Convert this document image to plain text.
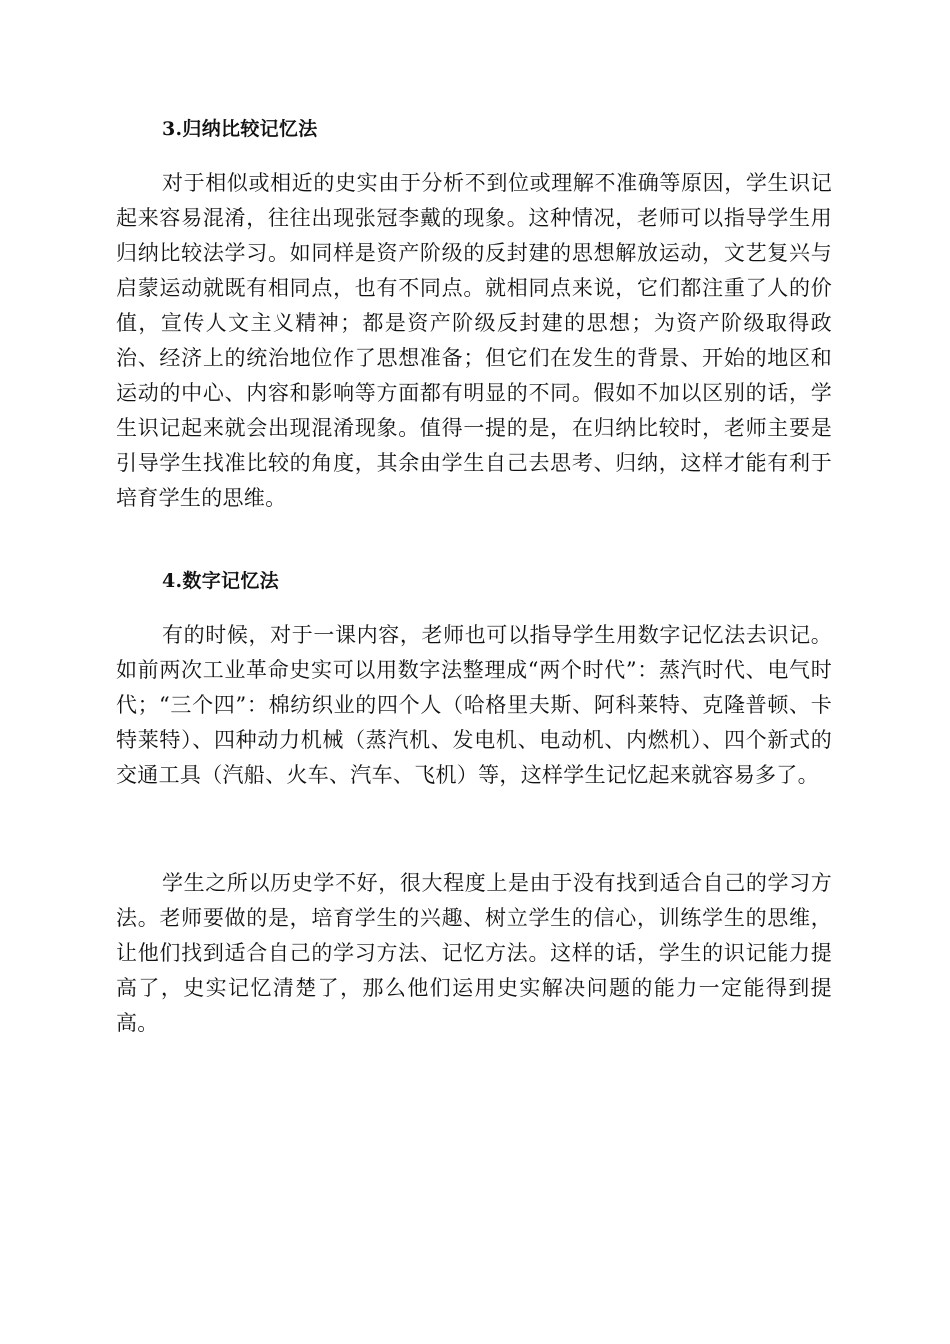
3.归纳比较记忆法

对于相似或相近的史实由于分析不到位或理解不准确等原因，学生识记起来容易混淆，往往出现张冠李戴的现象。这种情况，老师可以指导学生用归纳比较法学习。如同样是资产阶级的反封建的思想解放运动，文艺复兴与启蒙运动就既有相同点，也有不同点。就相同点来说，它们都注重了人的价值，宣传人文主义精神；都是资产阶级反封建的思想；为资产阶级取得政治、经济上的统治地位作了思想准备；但它们在发生的背景、开始的地区和运动的中心、内容和影响等方面都有明显的不同。假如不加以区别的话，学生识记起来就会出现混淆现象。值得一提的是，在归纳比较时，老师主要是引导学生找准比较的角度，其余由学生自己去思考、归纳，这样才能有利于培育学生的思维。

4.数字记忆法

有的时候，对于一课内容，老师也可以指导学生用数字记忆法去识记。如前两次工业革命史实可以用数字法整理成“两个时代”：蒸汽时代、电气时代；“三个四”：棉纺织业的四个人（哈格里夫斯、阿科莱特、克隆普顿、卡特莱特）、四种动力机械（蒸汽机、发电机、电动机、内燃机）、四个新式的交通工具（汽船、火车、汽车、飞机）等，这样学生记忆起来就容易多了。

学生之所以历史学不好，很大程度上是由于没有找到适合自己的学习方法。老师要做的是，培育学生的兴趣、树立学生的信心，训练学生的思维，让他们找到适合自己的学习方法、记忆方法。这样的话，学生的识记能力提高了，史实记忆清楚了，那么他们运用史实解决问题的能力一定能得到提高。
